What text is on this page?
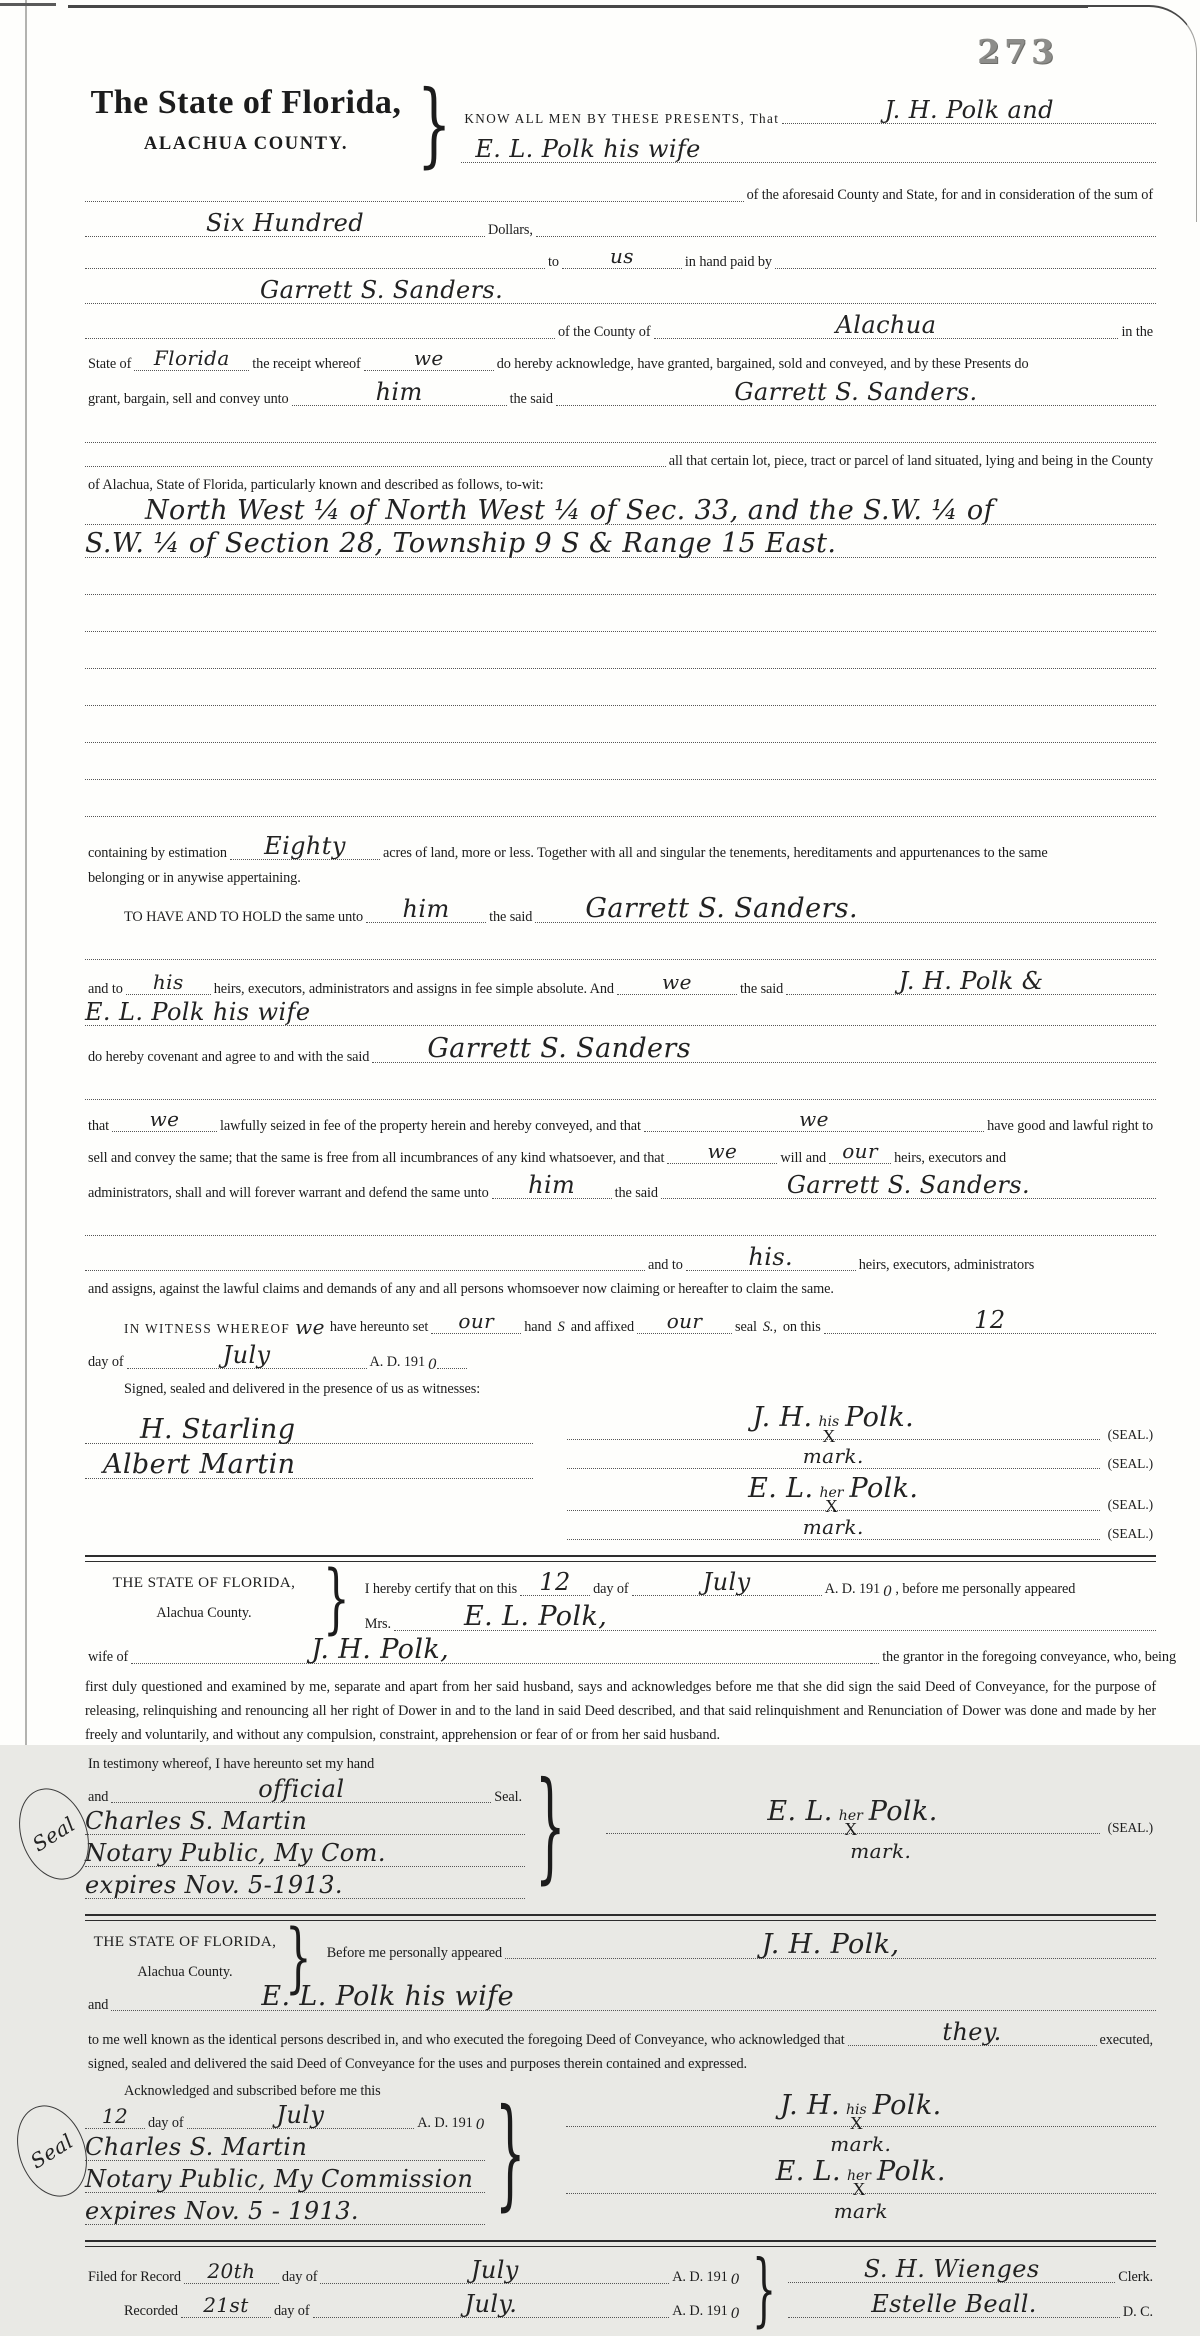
273
The State of Florida,
ALACHUA COUNTY.	} KNOW ALL MEN BY THESE PRESENTS, That	J. H. Polk and
E. L. Polk his wife
of the aforesaid County and State, for and in consideration of the sum of
Six Hundred	Dollars,
to	us	in hand paid by
Garrett S. Sanders.
of the County of	Alachua	in the
State of	Florida	the receipt whereof	we	do hereby acknowledge, have granted, bargained, sold and conveyed, and by these Presents do
grant, bargain, sell and convey unto	him	the said	Garrett S. Sanders.
all that certain lot, piece, tract or parcel of land situated, lying and being in the County
of Alachua, State of Florida, particularly known and described as follows, to-wit:
North West ¼ of North West ¼ of Sec. 33, and the S.W. ¼ of
S.W. ¼ of Section 28, Township 9 S & Range 15 East.
containing by estimation	Eighty	acres of land, more or less. Together with all and singular the tenements, hereditaments and appurtenances to the same
belonging or in anywise appertaining.
TO HAVE AND TO HOLD the same unto	him	the said	Garrett S. Sanders.
and to	his	heirs, executors, administrators and assigns in fee simple absolute. And	we	the said	J. H. Polk &
E. L. Polk his wife
do hereby covenant and agree to and with the said	Garrett S. Sanders
that	we	lawfully seized in fee of the property herein and hereby conveyed, and that	we	have good and lawful right to
sell and convey the same; that the same is free from all incumbrances of any kind whatsoever, and that	we	will and our	heirs, executors and
administrators, shall and will forever warrant and defend the same unto	him	the said	Garrett S. Sanders.
and to	his.	heirs, executors, administrators
and assigns, against the lawful claims and demands of any and all persons whomsoever now claiming or hereafter to claim the same.
IN WITNESS WHEREOF we have hereunto set	our	hand S and affixed	our	seal S., on this	12
day of	July	A. D. 191 0
Signed, sealed and delivered in the presence of us as witnesses:
H. Starling
Albert Martin
J. H. his
X
Polk.
(SEAL.)
mark.	(SEAL.)
E. L. her
X
Polk.
(SEAL.)
mark.	(SEAL.)
THE STATE OF FLORIDA,
Alachua County.	} I hereby certify that on this 12	day of	July	A. D. 191 0 , before me personally appeared
Mrs.	E. L. Polk,
wife of	J. H. Polk,	the grantor in the foregoing conveyance, who, being

first duly questioned and examined by me, separate and apart from her said husband, says and acknowledges before me that she did sign the said Deed of Conveyance, for the purpose of releasing, relinquishing and renouncing all her right of Dower in and to the land in said Deed described, and that said relinquishment and Renunciation of Dower was done and made by her freely and voluntarily, and without any compulsion, constraint, apprehension or fear of or from her said husband.

Seal
In testimony whereof, I have hereunto set my hand
and	official	Seal.
Charles S. Martin
Notary Public, My Com.
expires Nov. 5-1913.	}	E. L. her
X
Polk.
(SEAL.)
mark.
THE STATE OF FLORIDA,
Alachua County.	} Before me personally appeared	J. H. Polk,
and	E. L. Polk his wife
to me well known as the identical persons described in, and who executed the foregoing Deed of Conveyance, who acknowledged that	they.	executed,
signed, sealed and delivered the said Deed of Conveyance for the uses and purposes therein contained and expressed.
Seal
Acknowledged and subscribed before me this
12	day of	July	A. D. 191 0
Charles S. Martin
Notary Public, My Commission
expires Nov. 5 - 1913.	}	J. H. his
X
Polk.
mark.
E. L. her
X
Polk.
mark
Filed for Record	20th	day of	July	A. D. 191 0
Recorded	21st	day of	July.	A. D. 191 0 }	S. H. Wienges	Clerk.
Estelle Beall.	D. C.
